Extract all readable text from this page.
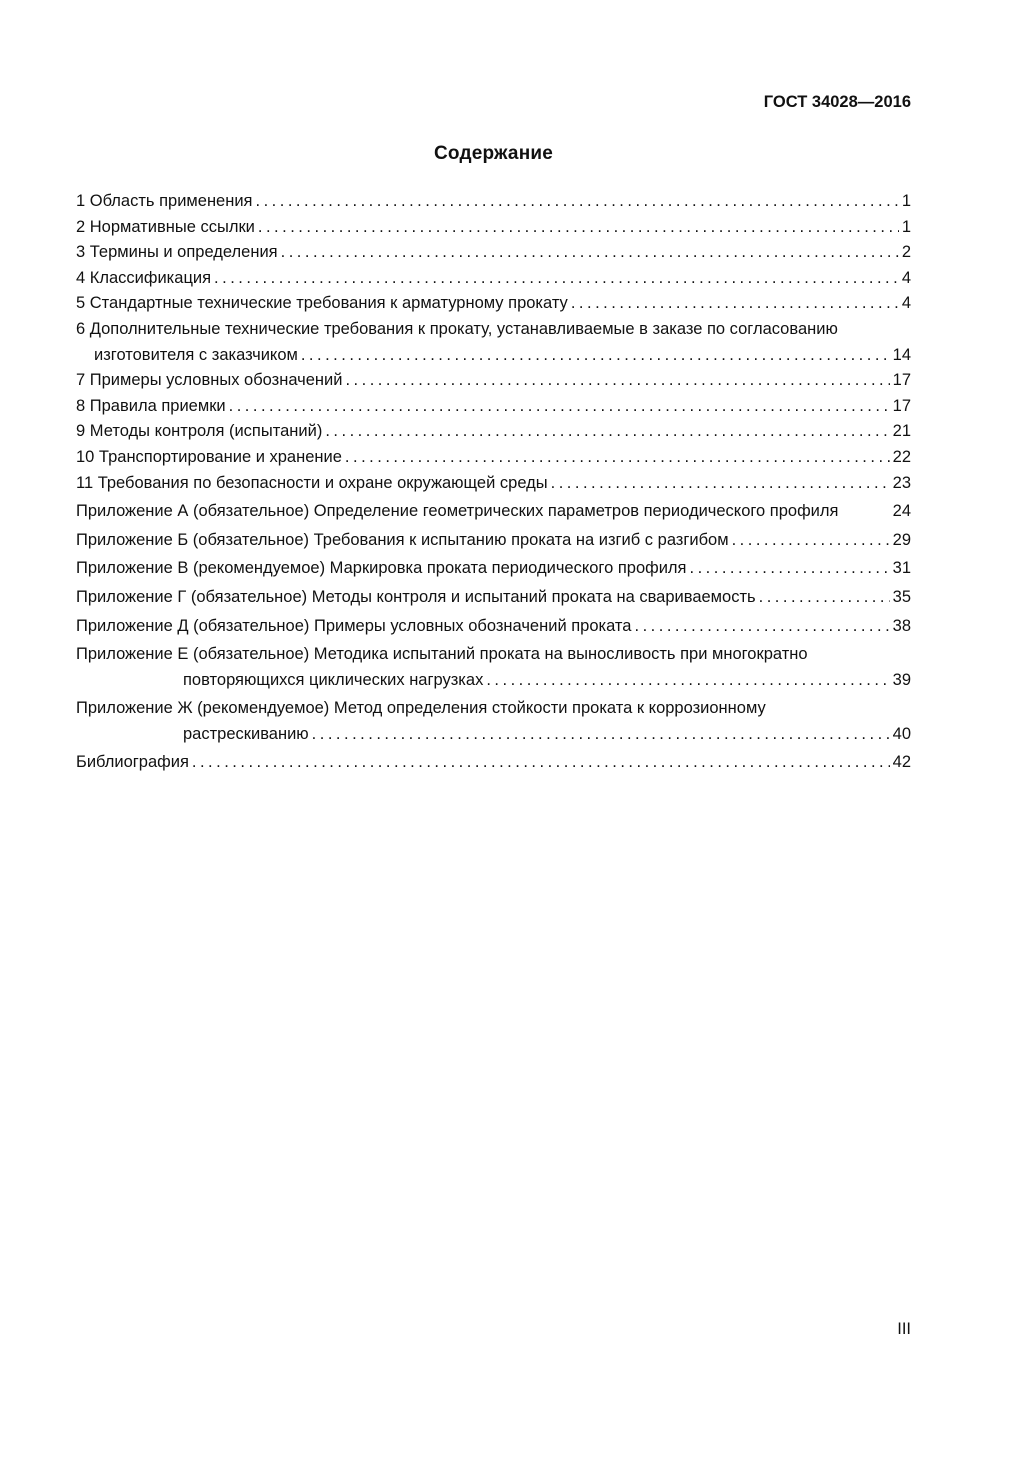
ГОСТ 34028—2016
Содержание
1 Область применения .....	1
2 Нормативные ссылки .....	1
3 Термины и определения .....	2
4 Классификация .....	4
5 Стандартные технические требования к арматурному прокату .....	4
6 Дополнительные технические требования к прокату, устанавливаемые в заказе по согласованию
изготовителя с заказчиком .....	14
7 Примеры условных обозначений .....	17
8 Правила приемки .....	17
9 Методы контроля (испытаний) .....	21
10 Транспортирование и хранение .....	22
11 Требования по безопасности и охране окружающей среды .....	23
Приложение А (обязательное) Определение геометрических параметров периодического профиля	24
Приложение Б (обязательное) Требования к испытанию проката на изгиб с разгибом .....	29
Приложение В (рекомендуемое) Маркировка проката периодического профиля .....	31
Приложение Г (обязательное) Методы контроля и испытаний проката на свариваемость .....	35
Приложение Д (обязательное) Примеры условных обозначений проката .....	38
Приложение Е (обязательное) Методика испытаний проката на выносливость при многократно
повторяющихся циклических нагрузках .....	39
Приложение Ж (рекомендуемое) Метод определения стойкости проката к коррозионному
растрескиванию .....	40
Библиография .....	42
III
